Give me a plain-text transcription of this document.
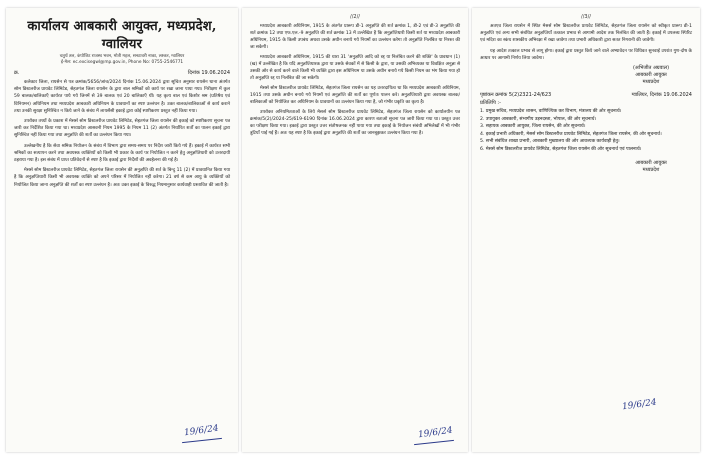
कार्यालय आबकारी आयुक्त, मध्यप्रदेश, ग्वालियर
चतुर्थ तल, कंपोजिट राजस्व भवन, मोती महल, सनटावरी नाका, लश्कर, ग्वालियर
ई-मेल: ec.excisegwl@mp.gov.in, Phone No: 0755-2546771
क्र.	दिनांक 19.06.2024

कलेक्टर जिला, रायसेन से पत्र क्रमांक/5656/जांच/2024 दिनांक 15.06.2024 द्वारा सूचित अनुसार रायसेन थाना अंतर्गत सोम डिस्टलरीज प्रायवेट लिमिटेड, सेहतगंज जिला रायसेन के द्वारा बाल श्रमिकों को कार्य पर रखा जाना पाया गया। निरीक्षण में कुल 59 बालक/बालिकाएँ कार्यरत पाये गये जिनमें से 39 बालक एवं 20 बालिकाएँ थीं। यह कृत्य बाल एवं किशोर श्रम (प्रतिषेध एवं विनियमन) अधिनियम तथा मध्यप्रदेश आबकारी अधिनियम के प्रावधानों का स्पष्ट उल्लंघन है। उक्त बालक/बालिकाओं से कार्य कराने तथा उनकी सुरक्षा सुनिश्चित न किये जाने के संबंध में लायसेंसी इकाई द्वारा कोई स्पष्टीकरण प्रस्तुत नहीं किया गया।

उपरोक्त तथ्यों के प्रकाश में मेसर्स सोम डिस्टलरीज प्रायवेट लिमिटेड, सेहतगंज जिला रायसेन की इकाई को स्पष्टीकरण सूचना पत्र जारी कर निर्देशित किया गया था। मध्यप्रदेश आसवनी नियम 1995 के नियम 11 (2) अंतर्गत निर्धारित शर्तों का पालन इकाई द्वारा सुनिश्चित नहीं किया गया तथा अनुज्ञप्ति की शर्तों का उल्लंघन किया गया।

उल्लेखनीय है कि सेवा श्रमिक नियोजन के संबंध में विभाग द्वारा समय-समय पर निर्देश जारी किये गये हैं। इकाई में कार्यरत सभी श्रमिकों का सत्यापन करने तथा अवयस्क व्यक्तियों को किसी भी प्रकार के कार्य पर नियोजित न करने हेतु अनुज्ञप्तिधारी को उत्तरदायी ठहराया गया है। इस संबंध में प्राप्त प्रतिवेदनों से स्पष्ट है कि इकाई द्वारा निर्देशों की अवहेलना की गई है।

मेसर्स सोम डिस्टलरीज प्रायवेट लिमिटेड, सेहतगंज जिला रायसेन की अनुज्ञप्ति की शर्त के बिन्दु 11 (2) में प्रावधानित किया गया है कि अनुज्ञप्तिधारी किसी भी अवयस्क व्यक्ति को अपने परिसर में नियोजित नहीं करेगा। 21 वर्ष से कम आयु के व्यक्तियों को नियोजित किया जाना अनुज्ञप्ति की शर्तों का स्पष्ट उल्लंघन है। अतः उक्त इकाई के विरुद्ध नियमानुसार कार्यवाही प्रस्तावित की जाती है।

19/6/24
//2//

मध्यप्रदेश आबकारी अधिनियम, 1915 के अंतर्गत प्रारूप डी-1 अनुज्ञप्ति की शर्त क्रमांक 1, डी-2 एवं डी-3 अनुज्ञप्ति की शर्त क्रमांक 12 तथा एफ.एल.-9 अनुज्ञप्ति की शर्त क्रमांक 13 में उल्लेखित है कि अनुज्ञप्तिधारी किसी शर्त या मध्यप्रदेश आबकारी अधिनियम, 1915 के किसी उपबंध अथवा उसके अधीन बनाये गये नियमों का उल्लंघन करेगा तो अनुज्ञप्ति निलंबित या निरस्त की जा सकेगी।

मध्यप्रदेश आबकारी अधिनियम, 1915 की धारा 31 'अनुज्ञप्ति आदि को रद्द या निलंबित करने की शक्ति' के प्रावधान (1) (ख) में उल्लेखित है कि यदि अनुज्ञप्तिधारक द्वारा या उसके सेवकों में से किसी के द्वारा, या उसकी अभिव्यक्त या विवक्षित अनुज्ञा से उसकी ओर से कार्य करने वाले किसी भी व्यक्ति द्वारा इस अधिनियम या उसके अधीन बनाये गये किसी नियम का भंग किया गया हो तो अनुज्ञप्ति रद्द या निलंबित की जा सकेगी।

मेसर्स सोम डिस्टलरीज प्रायवेट लिमिटेड, सेहतगंज जिला रायसेन का यह उत्तरदायित्व था कि मध्यप्रदेश आबकारी अधिनियम, 1915 तथा उसके अधीन बनाये गये नियमों एवं अनुज्ञप्ति की शर्तों का पूर्णतः पालन करे। अनुज्ञप्तिधारी द्वारा अवयस्क बालक/बालिकाओं को नियोजित कर अधिनियम के प्रावधानों का उल्लंघन किया गया है, जो गंभीर प्रकृति का कृत्य है।

उपरोक्त अनियमितताओं के लिये मेसर्स सोम डिस्टलरीज प्रायवेट लिमिटेड, सेहतगंज जिला रायसेन को कार्यालयीन पत्र क्रमांक/5(2)/2024-25/619-6190 दिनांक 16.06.2024 द्वारा कारण बताओ सूचना पत्र जारी किया गया था। प्रस्तुत उत्तर का परीक्षण किया गया। इकाई द्वारा प्रस्तुत उत्तर संतोषजनक नहीं पाया गया तथा इकाई के नियोजन संबंधी अभिलेखों में भी गंभीर त्रुटियाँ पाई गई हैं। अतः यह स्पष्ट है कि इकाई द्वारा अनुज्ञप्ति की शर्तों का जानबूझकर उल्लंघन किया गया है।

19/6/24
//3//

अतएव जिला रायसेन में स्थित मेसर्स सोम डिस्टलरीज प्रायवेट लिमिटेड, सेहतगंज जिला रायसेन को स्वीकृत प्रारूप डी-1 अनुज्ञप्ति एवं अन्य सभी संबंधित अनुज्ञप्तियाँ तत्काल प्रभाव से आगामी आदेश तक निलंबित की जाती हैं। इकाई में उपलब्ध स्पिरिट एवं मदिरा का स्कंध शासकीय अभिरक्षा में रखा जावेगा तथा प्रभारी अधिकारी द्वारा सतत निगरानी की जावेगी।

यह आदेश तत्काल प्रभाव से लागू होगा। इकाई द्वारा प्रस्तुत किये जाने वाले अभ्यावेदन पर विधिवत सुनवाई उपरांत गुण-दोष के आधार पर आगामी निर्णय लिया जावेगा।

(अभिजीत अग्रवाल)
आबकारी आयुक्त
मध्यप्रदेश
पृष्ठांकन क्रमांक 5(2)2321-24/623	ग्वालियर, दिनांक 19.06.2024
प्रतिलिपि :-
1. प्रमुख सचिव, मध्यप्रदेश शासन, वाणिज्यिक कर विभाग, मंत्रालय की ओर सूचनार्थ।
2. उपायुक्त आबकारी, संभागीय उड़नदस्ता, भोपाल, की ओर सूचनार्थ।
3. सहायक आबकारी आयुक्त, जिला रायसेन, की ओर सूचनार्थ।
4. इकाई प्रभारी अधिकारी, मेसर्स सोम डिस्टलरीज प्रायवेट लिमिटेड, सेहतगंज जिला रायसेन, की ओर सूचनार्थ।
5. सभी संबंधित शाखा प्रभारी, आबकारी मुख्यालय की ओर आवश्यक कार्यवाही हेतु।
6. मेसर्स सोम डिस्टलरीज प्रायवेट लिमिटेड, सेहतगंज जिला रायसेन की ओर सूचनार्थ एवं पालनार्थ।
आबकारी आयुक्त
मध्यप्रदेश
19/6/24
